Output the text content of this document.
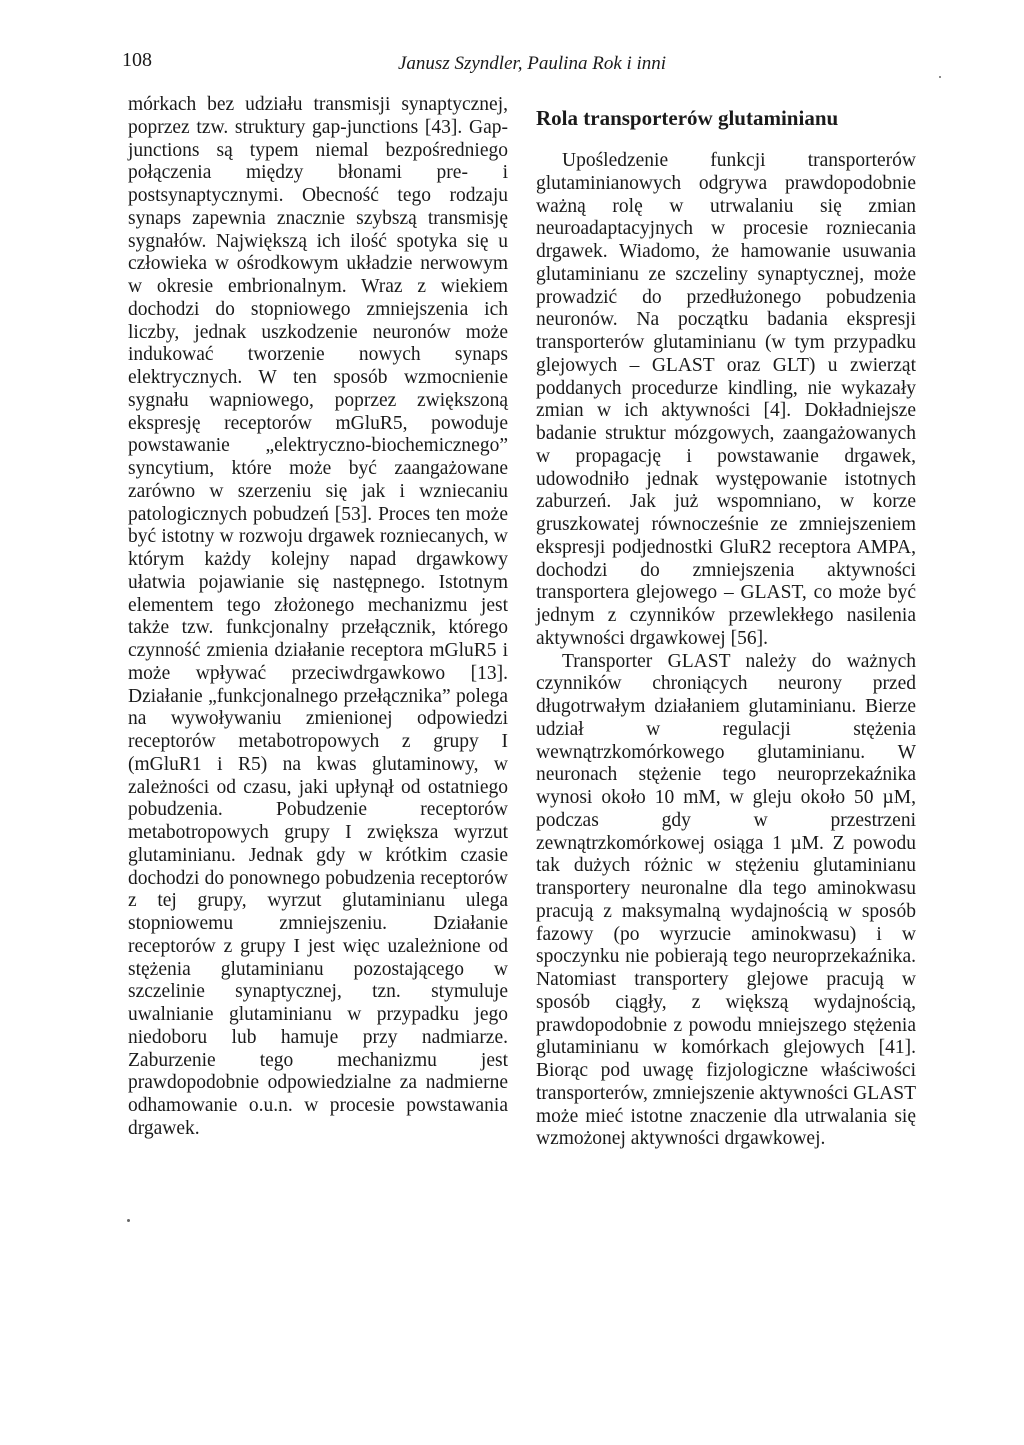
108	Janusz Szyndler, Paulina Rok i inni

mórkach bez udziału transmisji synaptycznej, poprzez tzw. struktury gap-junctions [43]. Gap-junctions są typem niemal bezpośredniego połączenia między błonami pre- i postsynaptycznymi. Obecność tego rodzaju synaps zapewnia znacznie szybszą transmisję sygnałów. Największą ich ilość spotyka się u człowieka w ośrodkowym układzie nerwowym w okresie embrionalnym. Wraz z wiekiem dochodzi do stopniowego zmniejszenia ich liczby, jednak uszkodzenie neuronów może indukować tworzenie nowych synaps elektrycznych. W ten sposób wzmocnienie sygnału wapniowego, poprzez zwiększoną ekspresję receptorów mGluR5, powoduje powstawanie „elektryczno-biochemicznego” syncytium, które może być zaangażowane zarówno w szerzeniu się jak i wzniecaniu patologicznych pobudzeń [53]. Proces ten może być istotny w rozwoju drgawek rozniecanych, w którym każdy kolejny napad drgawkowy ułatwia pojawianie się następnego. Istotnym elementem tego złożonego mechanizmu jest także tzw. funkcjonalny przełącznik, którego czynność zmienia działanie receptora mGluR5 i może wpływać przeciwdrgawkowo [13]. Działanie „funkcjonalnego przełącznika” polega na wywoływaniu zmienionej odpowiedzi receptorów metabotropowych z grupy I (mGluR1 i R5) na kwas glutaminowy, w zależności od czasu, jaki upłynął od ostatniego pobudzenia. Pobudzenie receptorów metabotropowych grupy I zwiększa wyrzut glutaminianu. Jednak gdy w krótkim czasie dochodzi do ponownego pobudzenia receptorów z tej grupy, wyrzut glutaminianu ulega stopniowemu zmniejszeniu. Działanie receptorów z grupy I jest więc uzależnione od stężenia glutaminianu pozostającego w szczelinie synaptycznej, tzn. stymuluje uwalnianie glutaminianu w przypadku jego niedoboru lub hamuje przy nadmiarze. Zaburzenie tego mechanizmu jest prawdopodobnie odpowiedzialne za nadmierne odhamowanie o.u.n. w procesie powstawania drgawek.

Rola transporterów glutaminianu

Upośledzenie funkcji transporterów glutaminianowych odgrywa prawdopodobnie ważną rolę w utrwalaniu się zmian neuroadaptacyjnych w procesie rozniecania drgawek. Wiadomo, że hamowanie usuwania glutaminianu ze szczeliny synaptycznej, może prowadzić do przedłużonego pobudzenia neuronów. Na początku badania ekspresji transporterów glutaminianu (w tym przypadku glejowych – GLAST oraz GLT) u zwierząt poddanych procedurze kindling, nie wykazały zmian w ich aktywności [4]. Dokładniejsze badanie struktur mózgowych, zaangażowanych w propagację i powstawanie drgawek, udowodniło jednak występowanie istotnych zaburzeń. Jak już wspomniano, w korze gruszkowatej równocześnie ze zmniejszeniem ekspresji podjednostki GluR2 receptora AMPA, dochodzi do zmniejszenia aktywności transportera glejowego – GLAST, co może być jednym z czynników przewlekłego nasilenia aktywności drgawkowej [56].

Transporter GLAST należy do ważnych czynników chroniących neurony przed długotrwałym działaniem glutaminianu. Bierze udział w regulacji stężenia wewnątrzkomórkowego glutaminianu. W neuronach stężenie tego neuroprzekaźnika wynosi około 10 mM, w gleju około 50 µM, podczas gdy w przestrzeni zewnątrzkomórkowej osiąga 1 µM. Z powodu tak dużych różnic w stężeniu glutaminianu transportery neuronalne dla tego aminokwasu pracują z maksymalną wydajnością w sposób fazowy (po wyrzucie aminokwasu) i w spoczynku nie pobierają tego neuroprzekaźnika. Natomiast transportery glejowe pracują w sposób ciągły, z większą wydajnością, prawdopodobnie z powodu mniejszego stężenia glutaminianu w komórkach glejowych [41]. Biorąc pod uwagę fizjologiczne właściwości transporterów, zmniejszenie aktywności GLAST może mieć istotne znaczenie dla utrwalania się wzmożonej aktywności drgawkowej.
